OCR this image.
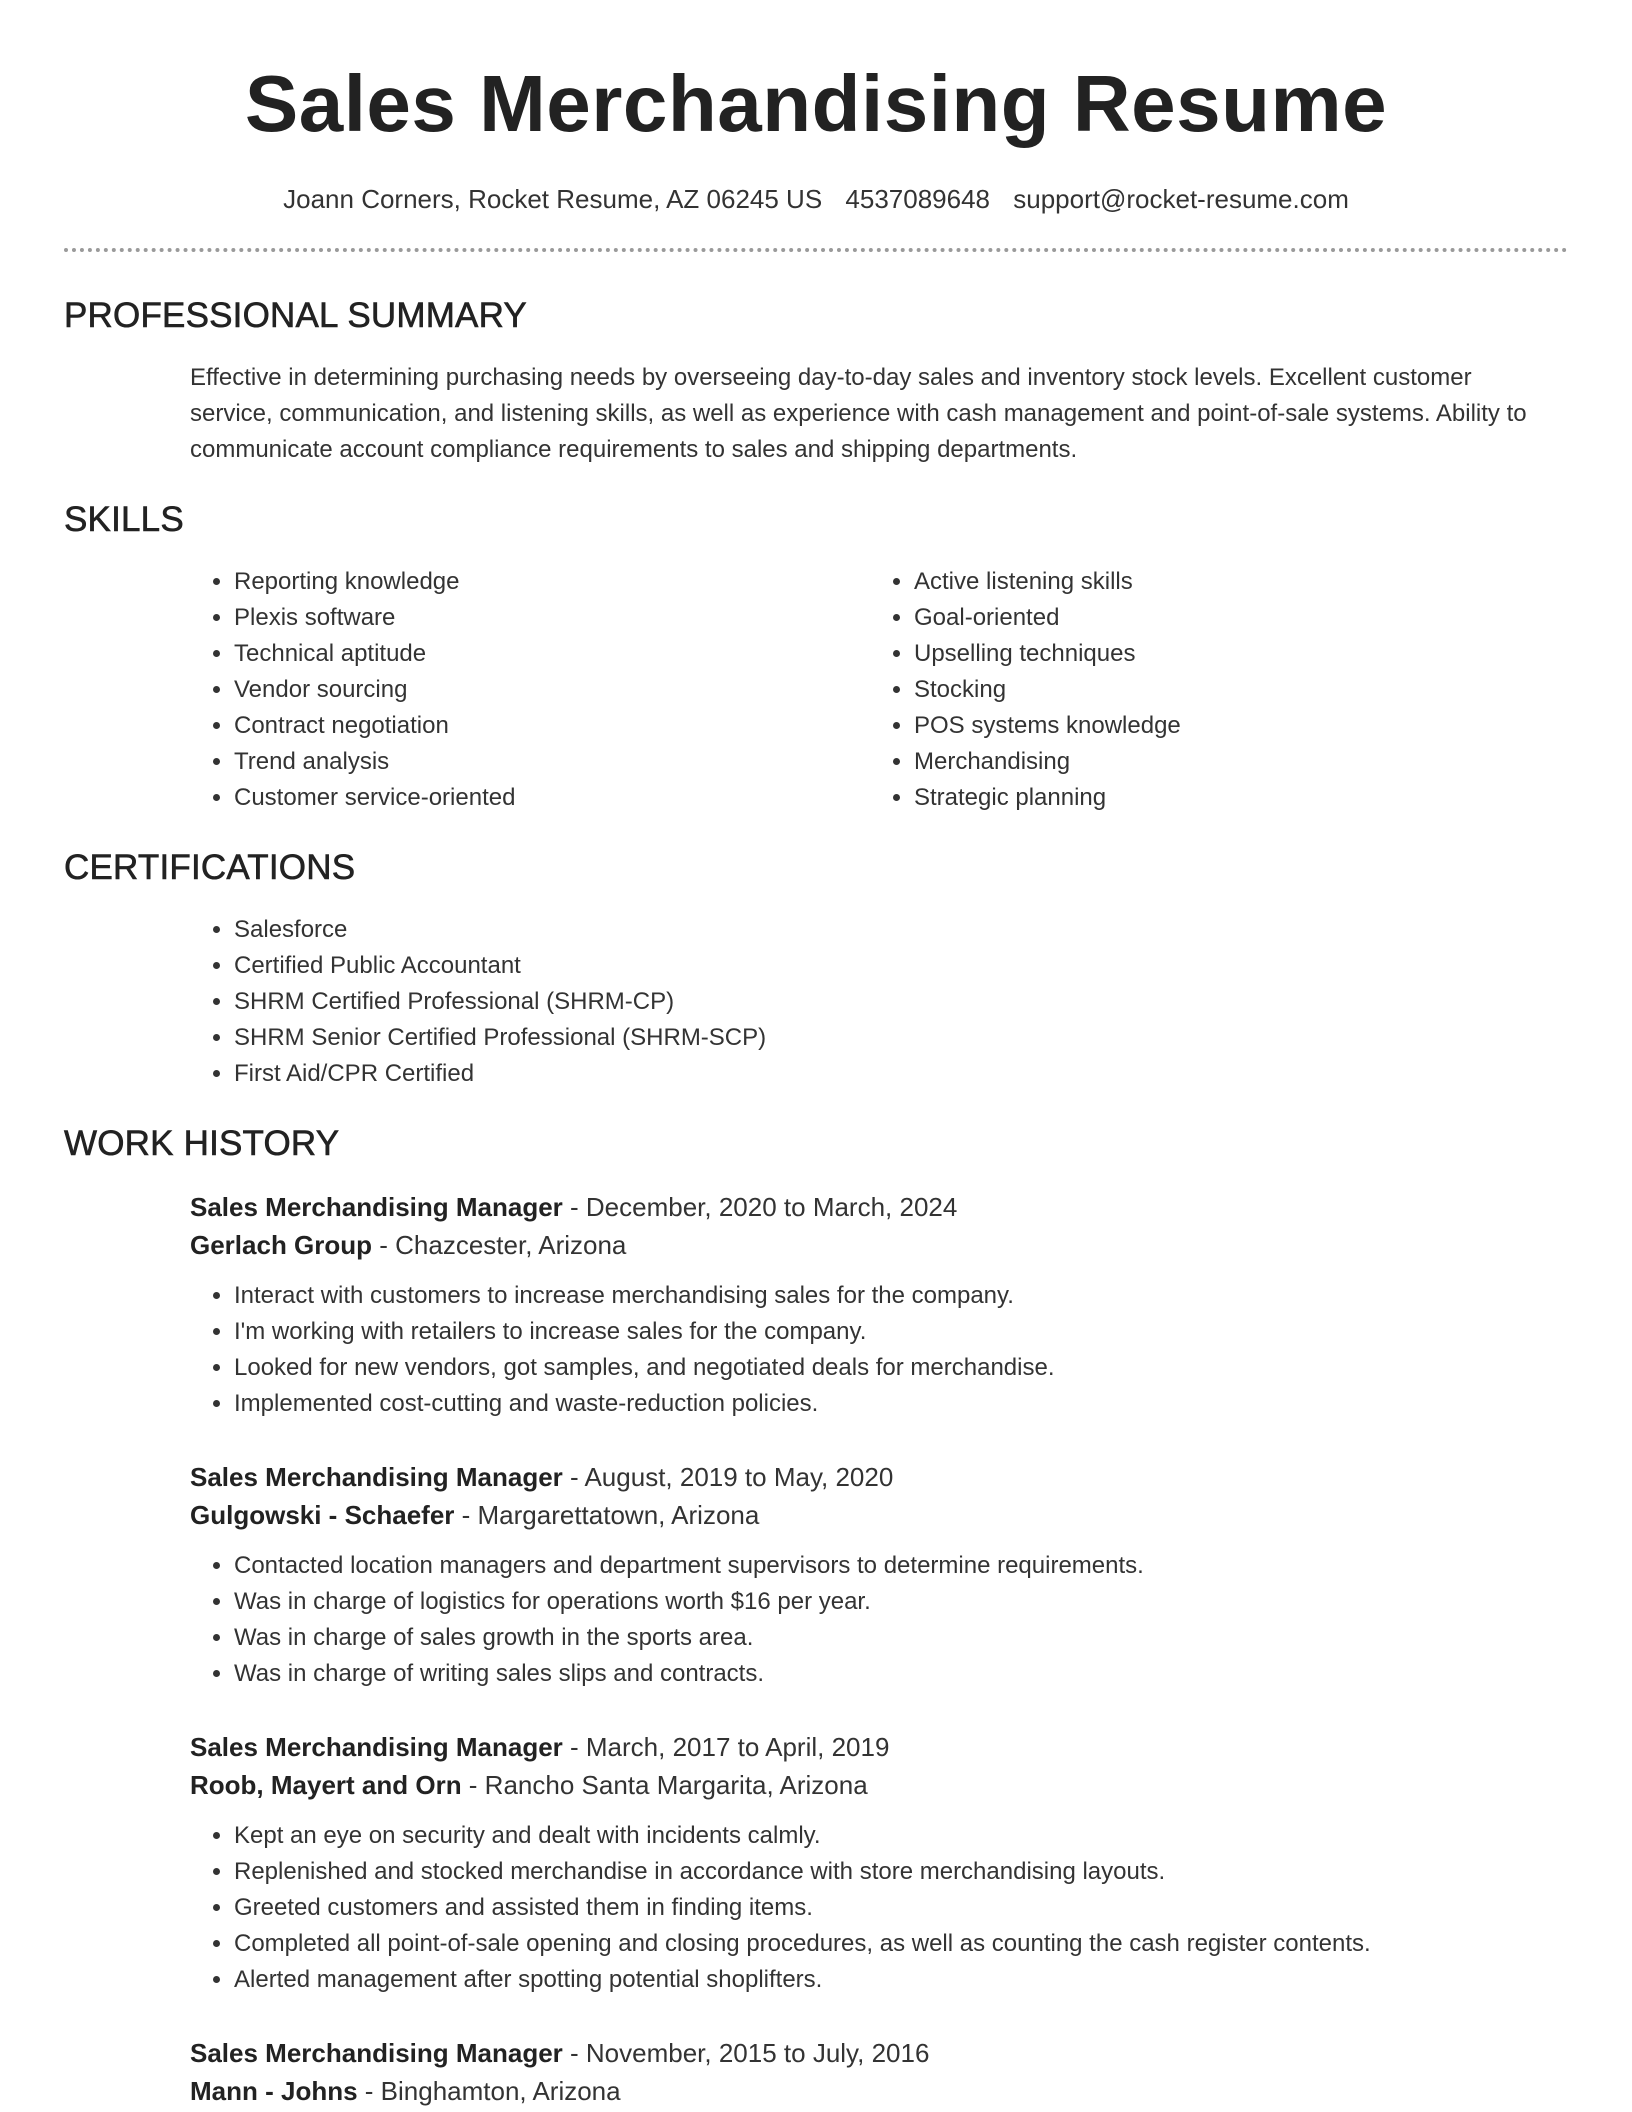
Sales Merchandising Resume
Joann Corners, Rocket Resume, AZ 06245 US 4537089648 support@rocket-resume.com
PROFESSIONAL SUMMARY
Effective in determining purchasing needs by overseeing day-to-day sales and inventory stock levels. Excellent customer service, communication, and listening skills, as well as experience with cash management and point-of-sale systems. Ability to communicate account compliance requirements to sales and shipping departments.
SKILLS
• Reporting knowledge
• Plexis software
• Technical aptitude
• Vendor sourcing
• Contract negotiation
• Trend analysis
• Customer service-oriented
• Active listening skills
• Goal-oriented
• Upselling techniques
• Stocking
• POS systems knowledge
• Merchandising
• Strategic planning
CERTIFICATIONS
• Salesforce
• Certified Public Accountant
• SHRM Certified Professional (SHRM-CP)
• SHRM Senior Certified Professional (SHRM-SCP)
• First Aid/CPR Certified
WORK HISTORY
Sales Merchandising Manager - December, 2020 to March, 2024
Gerlach Group - Chazcester, Arizona
• Interact with customers to increase merchandising sales for the company.
• I'm working with retailers to increase sales for the company.
• Looked for new vendors, got samples, and negotiated deals for merchandise.
• Implemented cost-cutting and waste-reduction policies.
Sales Merchandising Manager - August, 2019 to May, 2020
Gulgowski - Schaefer - Margarettatown, Arizona
• Contacted location managers and department supervisors to determine requirements.
• Was in charge of logistics for operations worth $16 per year.
• Was in charge of sales growth in the sports area.
• Was in charge of writing sales slips and contracts.
Sales Merchandising Manager - March, 2017 to April, 2019
Roob, Mayert and Orn - Rancho Santa Margarita, Arizona
• Kept an eye on security and dealt with incidents calmly.
• Replenished and stocked merchandise in accordance with store merchandising layouts.
• Greeted customers and assisted them in finding items.
• Completed all point-of-sale opening and closing procedures, as well as counting the cash register contents.
• Alerted management after spotting potential shoplifters.
Sales Merchandising Manager - November, 2015 to July, 2016
Mann - Johns - Binghamton, Arizona
